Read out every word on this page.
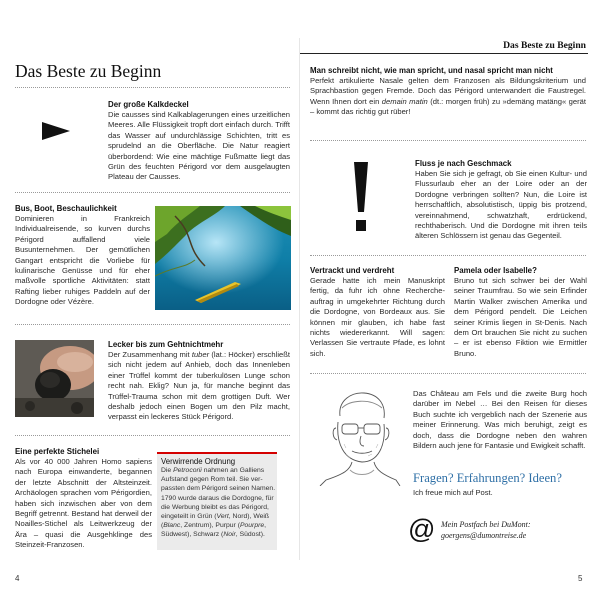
Das Beste zu Beginn
Das Beste zu Beginn
Der große Kalkdeckel
Die causses sind Kalkablagerungen eines urzeitlichen Meeres. Alle Flüssigkeit tropft dort einfach durch. Trifft das Wasser auf undurchlässige Schichten, tritt es sprudelnd an die Oberfläche. Die Natur reagiert überbordend: Wie eine mächtige Fußmatte liegt das Grün des feuchten Périgord vor dem ausgelaugten Plateau der Causses.
Bus, Boot, Beschaulichkeit
Dominieren in Frankreich Individualreisende, so kurven durchs Périgord auffallend viele Busunternehmen. Der gemütlichen Gangart entspricht die Vorliebe für kulinarische Genüsse und für eher maßvolle sportliche Aktivitäten: statt Rafting lieber ruhiges Paddeln auf der Dordogne oder Vézère.
Lecker bis zum Gehtnichtmehr
Der Zusammenhang mit tuber (lat.: Höcker) erschließt sich nicht jedem auf Anhieb, doch das Innenleben einer Trüffel kommt der tuberkulösen Lunge schon recht nah. Eklig? Nun ja, für manche beginnt das Trüffel-Trauma schon mit dem grottigen Duft. Wer deshalb jedoch einen Bogen um den Pilz macht, verpasst ein leckeres Stück Périgord.
Eine perfekte Stichelei
Als vor 40 000 Jahren Homo sapiens nach Europa einwanderte, begannen der letzte Abschnitt der Altsteinzeit. Archäologen sprachen vom Périgordien, haben sich inzwischen aber von dem Begriff getrennt. Bestand hat derweil der Noailles-Stichel als Leitwerkzeug der Ära – quasi die Ausgehklinge des Steinzeit-Franzosen.
Verwirrende Ordnung
Die Petrocorii nahmen an Galliens
Aufstand gegen Rom teil. Sie ver-
passten dem Périgord seinen Namen.
1790 wurde daraus die Dordogne, für
die Werbung bleibt es das Périgord,
eingeteilt in Grün (Vert, Nord), Weiß
(Blanc, Zentrum), Purpur (Pourpre,
Südwest), Schwarz (Noir, Südost).
4
Man schreibt nicht, wie man spricht, und nasal spricht man nicht
Perfekt artikulierte Nasale gelten dem Franzosen als Bildungskriterium und Sprachbastion gegen Fremde. Doch das Périgord unterwandert die Faustregel. Wenn Ihnen dort ein demain matin (dt.: morgen früh) zu »demäng matäng« gerät – kommt das richtig gut rüber!
Fluss je nach Geschmack
Haben Sie sich je gefragt, ob Sie einen Kultur- und Flussurlaub eher an der Loire oder an der Dordogne verbringen sollten? Nun, die Loire ist herrschaftlich, absolutistisch, üppig bis protzend, vereinnahmend, schwatzhaft, erdrückend, rechthaberisch. Und die Dordogne mit ihren teils älteren Schlössern ist genau das Gegenteil.
Vertrackt und verdreht
Gerade hatte ich mein Manuskript fertig, da fuhr ich ohne Recherche-auftrag in umgekehrter Richtung durch die Dordogne, von Bordeaux aus. Sie können mir glauben, ich habe fast nichts wiedererkannt. Will sagen: Verlassen Sie vertraute Pfade, es lohnt sich.
Pamela oder Isabelle?
Bruno tut sich schwer bei der Wahl seiner Traumfrau. So wie sein Erfinder Martin Walker zwischen Amerika und dem Périgord pendelt. Die Leichen seiner Krimis liegen in St-Denis. Nach dem Ort brauchen Sie nicht zu suchen – er ist ebenso Fiktion wie Ermittler Bruno.
Das Château am Fels und die zweite Burg hoch darüber im Nebel … Bei den Reisen für dieses Buch suchte ich vergeblich nach der Szenerie aus meiner Erinnerung. Was mich beruhigt, zeigt es doch, dass die Dordogne neben den wahren Bildern auch jene für Fantasie und Ewigkeit schafft.
Fragen? Erfahrungen? Ideen?
Ich freue mich auf Post.
@ Mein Postfach bei DuMont:
goergens@dumontreise.de
5
